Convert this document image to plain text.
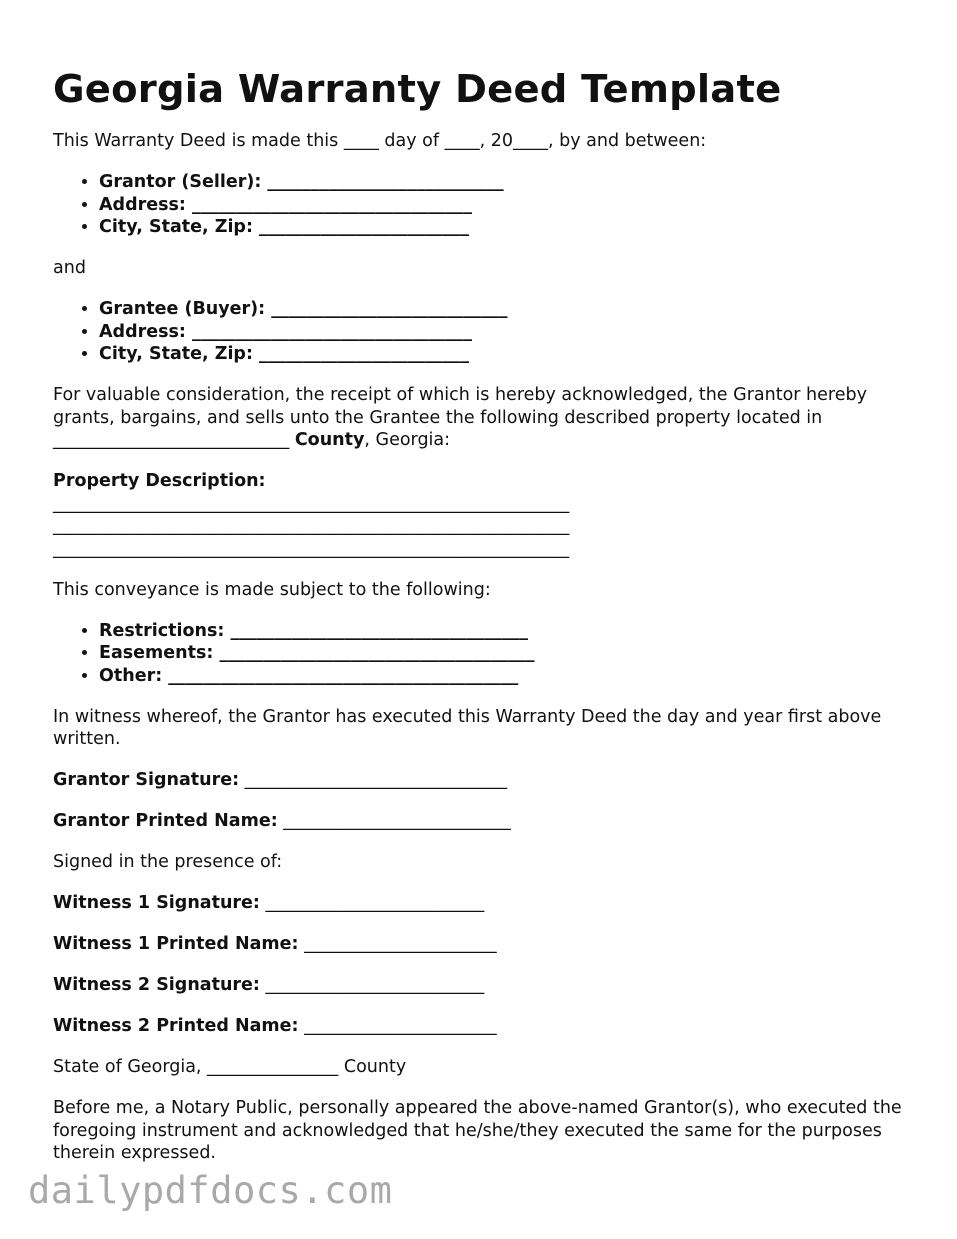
Georgia Warranty Deed Template

This Warranty Deed is made this ____ day of ____, 20____, by and between:

• Grantor (Seller): ___________________________
• Address: ________________________________
• City, State, Zip: ________________________

and

• Grantee (Buyer): ___________________________
• Address: ________________________________
• City, State, Zip: ________________________

For valuable consideration, the receipt of which is hereby acknowledged, the Grantor hereby grants, bargains, and sells unto the Grantee the following described property located in ___________________________ County, Georgia:

Property Description:
___________________________________________________________
___________________________________________________________
___________________________________________________________

This conveyance is made subject to the following:

• Restrictions: __________________________________
• Easements: ____________________________________
• Other: ________________________________________

In witness whereof, the Grantor has executed this Warranty Deed the day and year first above written.

Grantor Signature: ______________________________

Grantor Printed Name: __________________________

Signed in the presence of:

Witness 1 Signature: _________________________

Witness 1 Printed Name: ______________________

Witness 2 Signature: _________________________

Witness 2 Printed Name: ______________________

State of Georgia, _______________ County

Before me, a Notary Public, personally appeared the above-named Grantor(s), who executed the foregoing instrument and acknowledged that he/she/they executed the same for the purposes therein expressed.

dailypdfdocs.com
